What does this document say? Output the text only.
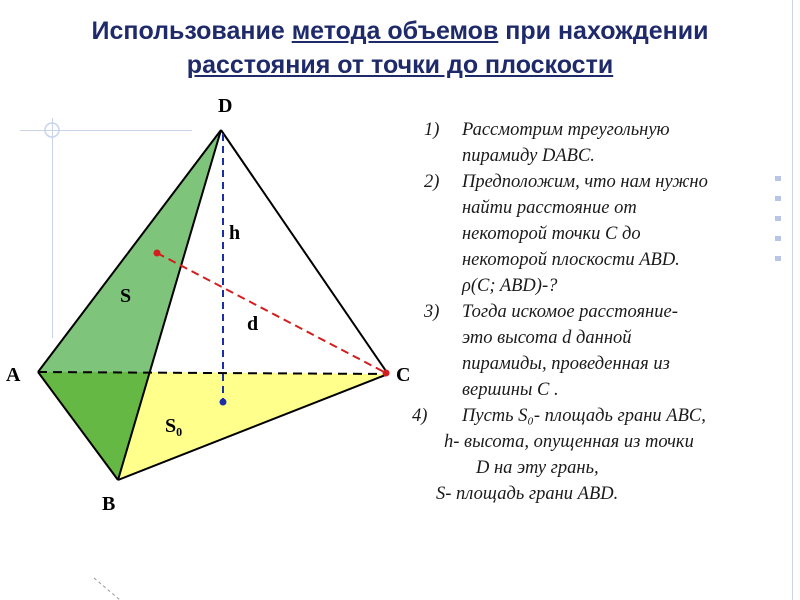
Использование метода объемов при нахождении
расстояния от точки до плоскости
D
A
B
C
S
h
d
S₀
1) Рассмотрим треугольную
пирамиду DABC.
2) Предположим, что нам нужно
найти расстояние от
некоторой точки С до
некоторой плоскости ABD.
ρ(C; ABD)-?
3) Тогда искомое расстояние-
это высота d данной
пирамиды, проведенная из
вершины С .
4) Пусть S₀- площадь грани ABC,
h- высота, опущенная из точки
D на эту грань,
S- площадь грани ABD.
